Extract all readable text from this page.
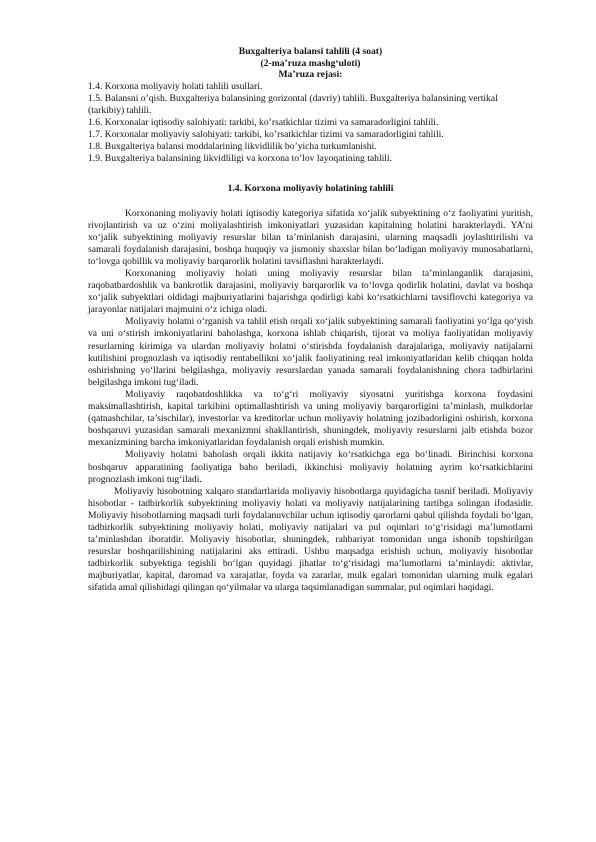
Buxgalteriya balansi tahlili (4 soat)
(2-ma’ruza mashg‘uloti)
Ma’ruza rejasi:
1.4. Korxona moliyaviy holati tahlili usullari.
1.5. Balansni o’qish. Buxgalteriya balansining gorizontal (davriy) tahlili. Buxgalteriya balansining vertikal (tarkibiy) tahlili.
1.6. Korxonalar iqtisodiy salohiyati: tarkibi, ko’rsatkichlar tizimi va samaradorligini tahlili.
1.7. Korxonalar moliyaviy salohiyati: tarkibi, ko’rsatkichlar tizimi va samaradorligini tahlili.
1.8. Buxgalteriya balansi moddalarining likvidlilik bo’yicha turkumlanishi.
1.9. Buxgalteriya balansining likvidliligi va korxona to’lov layoqatining tahlili.
1.4. Korxona moliyaviy holatining tahlili

Korxonaning moliyaviy holati iqtisodiy kategoriya sifatida xo‘jalik subyektining o‘z faoliyatini yuritish, rivojlantirish va uz o‘zini moliyalashtirish imkoniyatlari yuzasidan kapitalning holatini harakterlaydi. YA’ni xo‘jalik subyektining moliyaviy resurslar bilan ta’minlanish darajasini, ularning maqsadli joylashtirilishi va samarali foydalanish darajasini, boshqa huquqiy va jismoniy shaxslar bilan bo‘ladigan moliyaviy munosabatlarni, to‘lovga qobillik va moliyaviy barqarorlik holatini tavsiflashni harakterlaydi.

Korxonaning moliyaviy holati uning moliyaviy resurslar bilan ta’minlanganlik darajasini, raqobatbardoshlik va bankrotlik darajasini, moliyaviy barqarorlik va to‘lovga qodirlik holatini, davlat va boshqa xo‘jalik subyektlari oldidagi majburiyatlarini bajarishga qodirligi kabi ko‘rsatkichlarni tavsiflovchi kategoriya va jarayonlar natijalari majmuini o‘z ichiga oladi.

Moliyaviy holatni o‘rganish va tahlil etish orqali xo‘jalik subyektining samarali faoliyatini yo‘lga qo‘yish va uni o‘stirish imkoniyatlarini baholashga, korxona ishlab chiqarish, tijorat va moliya faoliyatidan moliyaviy resurlarning kirimiga va ulardan moliyaviy holatni o‘stirishda foydalanish darajalariga, moliyaviy natijalarni kutilishini prognozlash va iqtisodiy rentabellikni xo‘jalik faoliyatining real imkoniyatlaridan kelib chiqqan holda oshirishning yo‘llarini belgilashga, moliyaviy resurslardan yanada samarali foydalanishning chora tadbirlarini belgilashga imkoni tug‘iladi.

Moliyaviy raqobatdoshlikka va to‘g‘ri moliyaviy siyosatni yuritishga korxona foydasini maksimallashtirish, kapital tarkibini optimallashtirish va uning moliyaviy barqarorligini ta’minlash, mulkdorlar (qatnashchilar, ta’sischilar), investorlar va kreditorlar uchun moliyaviy holatning jozibadorligini oshirish, korxona boshqaruvi yuzasidan samarali mexanizmni shakllantirish, shuningdek, moliyaviy resurslarni jalb etishda bozor mexanizmining barcha imkoniyatlaridan foydalanish orqali erishish mumkin.

Moliyaviy holatni baholash orqali ikkita natijaviy ko‘rsatkichga ega bo‘linadi. Birinchisi korxona boshqaruv apparatining faoliyatiga baho beriladi, ikkinchisi moliyaviy holatning ayrim ko‘rsatkichlarini prognozlash imkoni tug‘iladi.

Moliyaviy hisobotning xalqaro standartlarida moliyaviy hisobotlarga quyidagicha tasnif beriladi. Moliyaviy hisobotlar - tadbirkorlik subyektining moliyaviy holati va moliyaviy natijalarining tartibga solingan ifodasidir. Moliyaviy hisobotlarning maqsadi turli foydalanuvchilar uchun iqtisodiy qarorlarni qabul qilishda foydali bo‘lgan, tadbirkorlik subyektining moliyaviy holati, moliyaviy natijalari va pul oqimlari to‘g‘risidagi ma’lumotlarni ta’minlashdan iboratdir. Moliyaviy hisobotlar, shuningdek, rahbariyat tomonidan unga ishonib topshirilgan resurslar boshqarilishining natijalarini aks ettiradi. Ushbu maqsadga erishish uchun, moliyaviy hisobotlar tadbirkorlik subyektiga tegishli bo‘lgan quyidagi jihatlar to‘g‘risidagi ma’lumotlarni ta’minlaydi: aktivlar, majburiyatlar, kapital, daromad va xarajatlar, foyda va zararlar, mulk egalari tomonidan ularning mulk egalari sifatida amal qilishidagi qilingan qo‘yilmalar va ularga taqsimlanadigan summalar, pul oqimlari haqidagi.
